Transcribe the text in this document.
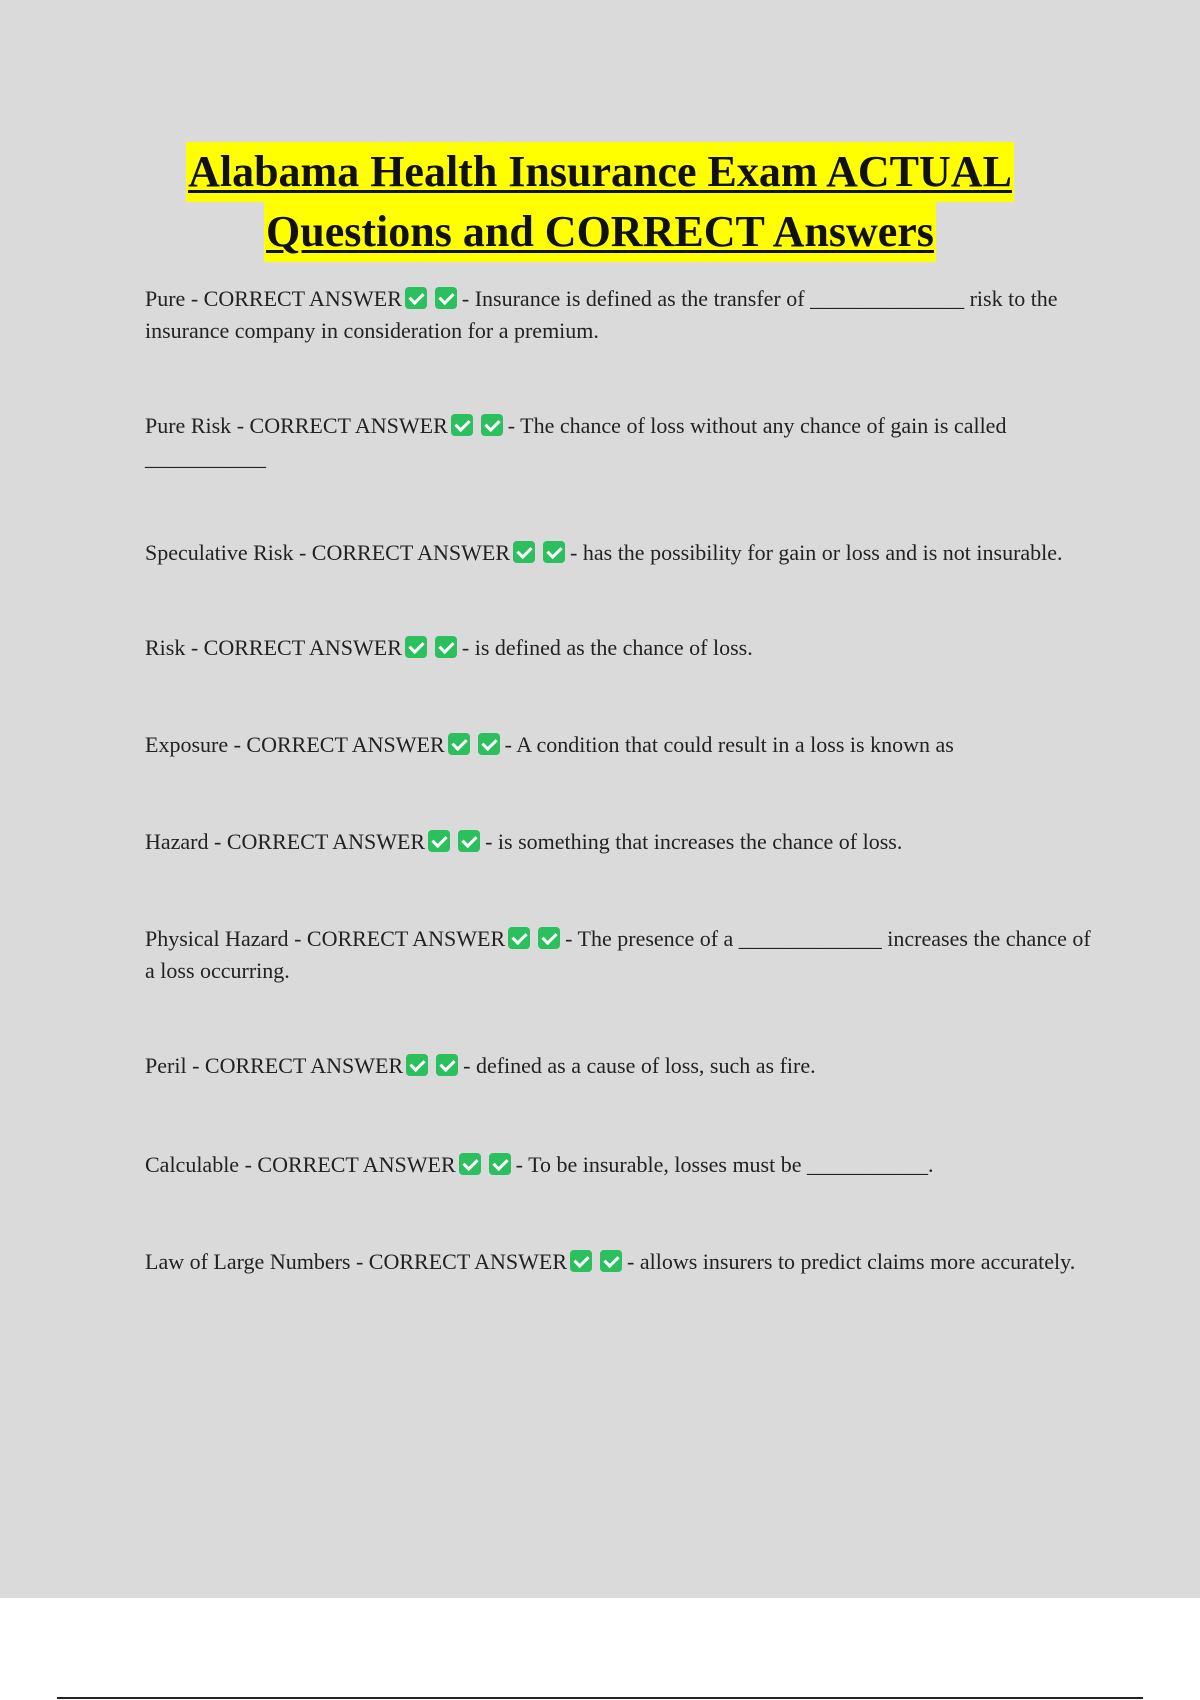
Alabama Health Insurance Exam ACTUAL
Questions and CORRECT Answers
Pure - CORRECT ANSWER	- Insurance is defined as the transfer of ______________ risk to the insurance company in consideration for a premium.
Pure Risk - CORRECT ANSWER	- The chance of loss without any chance of gain is called ___________
Speculative Risk - CORRECT ANSWER	- has the possibility for gain or loss and is not insurable.
Risk - CORRECT ANSWER	- is defined as the chance of loss.
Exposure - CORRECT ANSWER	- A condition that could result in a loss is known as
Hazard - CORRECT ANSWER	- is something that increases the chance of loss.
Physical Hazard - CORRECT ANSWER	- The presence of a _____________ increases the chance of a loss occurring.
Peril - CORRECT ANSWER	- defined as a cause of loss, such as fire.
Calculable - CORRECT ANSWER	- To be insurable, losses must be ___________.
Law of Large Numbers - CORRECT ANSWER	- allows insurers to predict claims more accurately.
